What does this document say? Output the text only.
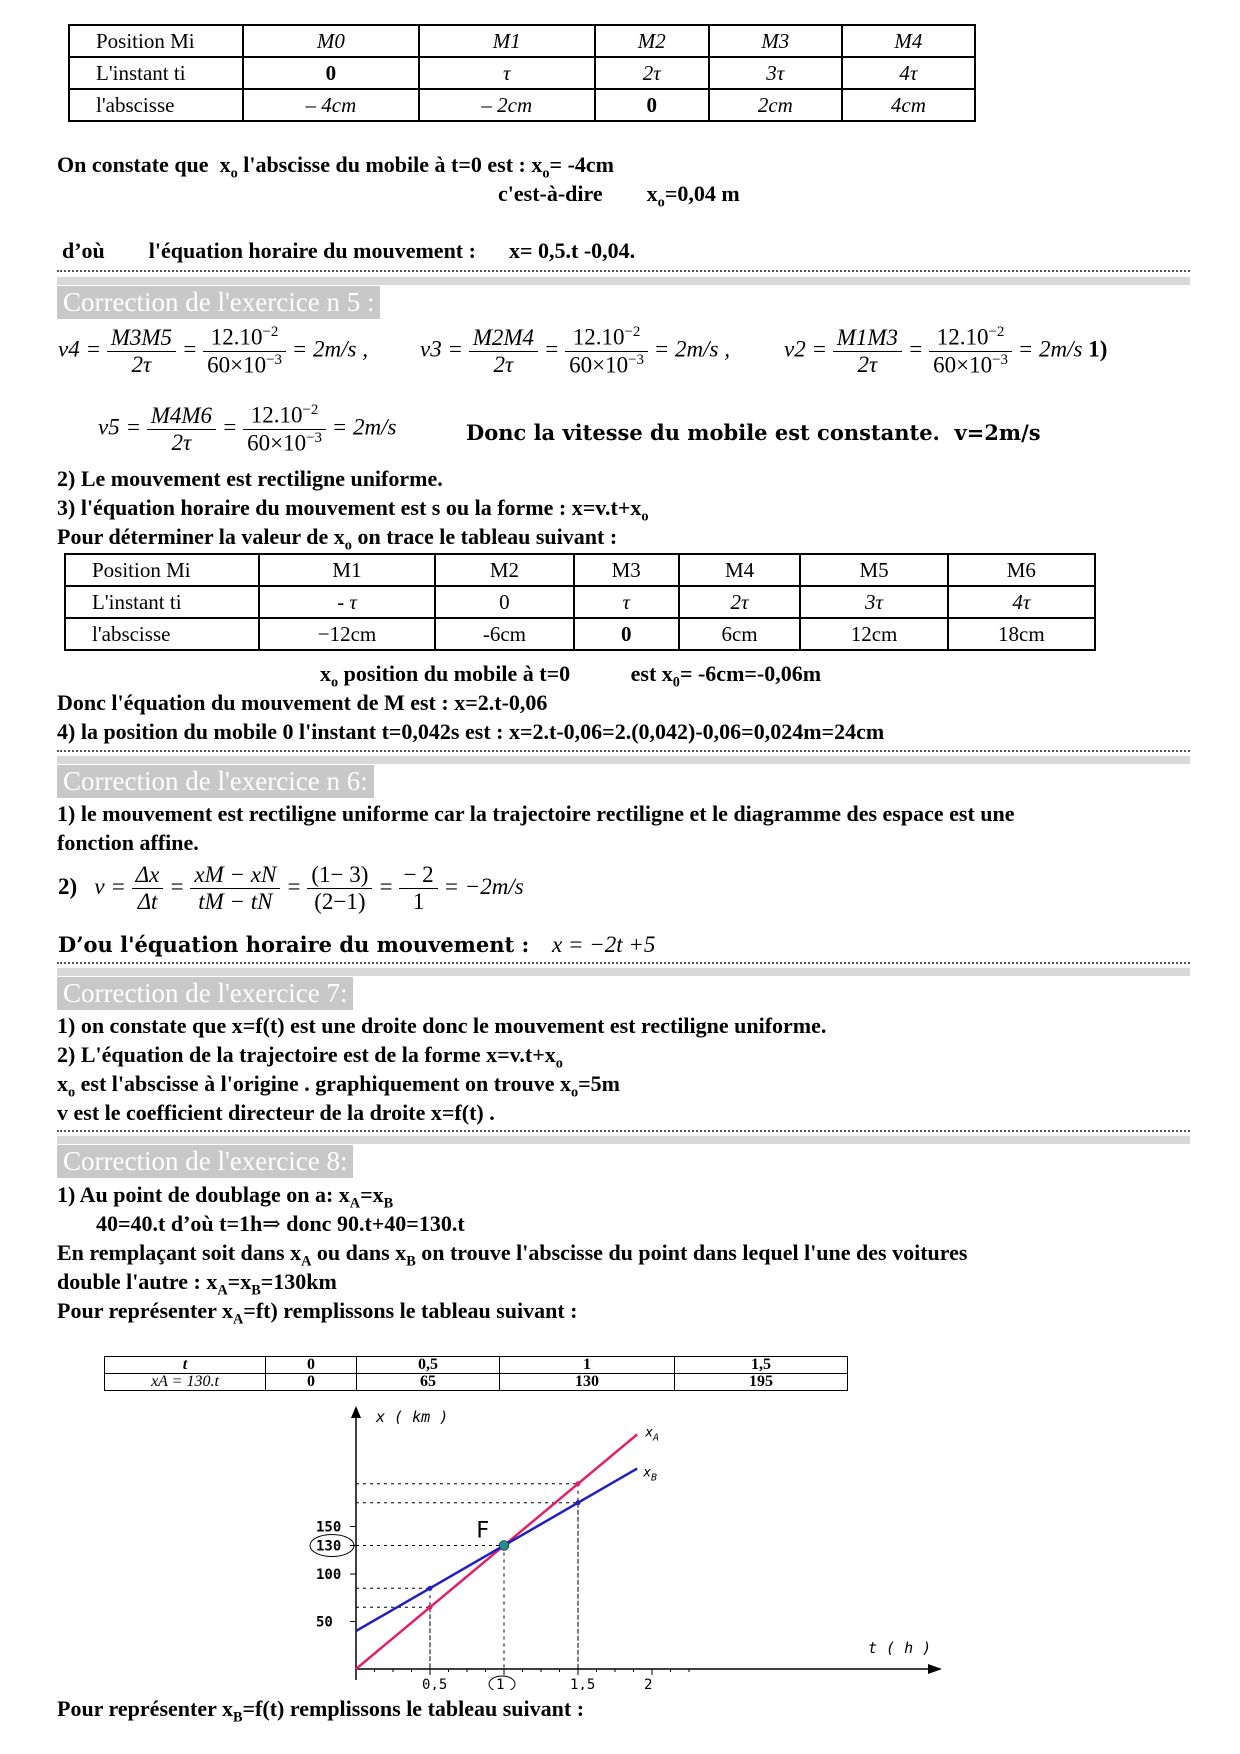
Position Mi	M0	M1	M2	M3	M4
L'instant ti	0	τ	2τ	3τ	4τ
l'abscisse	– 4cm	– 2cm	0	2cm	4cm
On constate que $x_o$ l'abscisse du mobile à t=0 est : $x_o= -4cm$
c'est-à-dire        $x_o=0,04$ m
d’où l'équation horaire du mouvement : x= 0,5.t -0,04.
Correction de l'exercice n 5 :
$v4 = \frac{M3M5}{2\tau} = \frac{12.10^{-2}}{60\times 10^{-3}} = 2m/s$ , $v3 = \frac{M2M4}{2\tau} = \frac{12.10^{-2}}{60\times 10^{-3}} = 2m/s$ , $v2 = \frac{M1M3}{2\tau} = \frac{12.10^{-2}}{60\times 10^{-3}} = 2m/s$ 1)
$v5 = \frac{M4M6}{2\tau} = \frac{12.10^{-2}}{60\times 10^{-3}} = 2m/s$	Donc la vitesse du mobile est constante. v=2m/s
2) Le mouvement est rectiligne uniforme.
3) l'équation horaire du mouvement est s ou la forme : $x=v.t+x_o$
Pour déterminer la valeur de $x_o$ on trace le tableau suivant :
Position Mi	M1	M2	M3	M4	M5	M6
L'instant ti	- τ	0	τ	2τ	3τ	4τ
l'abscisse	−12cm	-6cm	0	6cm	12cm	18cm
$x_o$ position du mobile à t=0	est $x_0= -6cm=-0,06m$
Donc l'équation du mouvement de M est : x=2.t-0,06
4) la position du mobile 0 l'instant t=0,042s est : x=2.t-0,06=2.(0,042)-0,06=0,024m=24cm
Correction de l'exercice n 6:
1) le mouvement est rectiligne uniforme car la trajectoire rectiligne et le diagramme des espace est une
fonction affine.
2) $v = \frac{\Delta x}{\Delta t} = \frac{xM - xN}{tM - tN} = \frac{(1- 3)}{(2-1)} = \frac{- 2}{1} = -2m/s$
D’ou l'équation horaire du mouvement : x = −2t +5
Correction de l'exercice 7:
1) on constate que x=f(t) est une droite donc le mouvement est rectiligne uniforme.
2) L'équation de la trajectoire est de la forme $x=v.t+x_o$
$x_o$ est l'abscisse à l'origine . graphiquement on trouve $x_o=5m$
v est le coefficient directeur de la droite x=f(t) .
Correction de l'exercice 8:
1) Au point de doublage on a: $x_A=x_B$
40=40.t d’où t=1h⇒ donc 90.t+40=130.t
En remplaçant soit dans $x_A$ ou dans $x_B$ on trouve l'abscisse du point dans lequel l'une des voitures
double l'autre : $x_A=x_B=130km$
Pour représenter $x_A=ft$) remplissons le tableau suivant :
t	0	0,5	1	1,5
xA = 130.t	0	65	130	195
x ( km )
t ( h )
$x_A$
$x_B$
F
150
130
100
50
0,5	1	1,5	2
Pour représenter $x_B=f(t)$ remplissons le tableau suivant :
